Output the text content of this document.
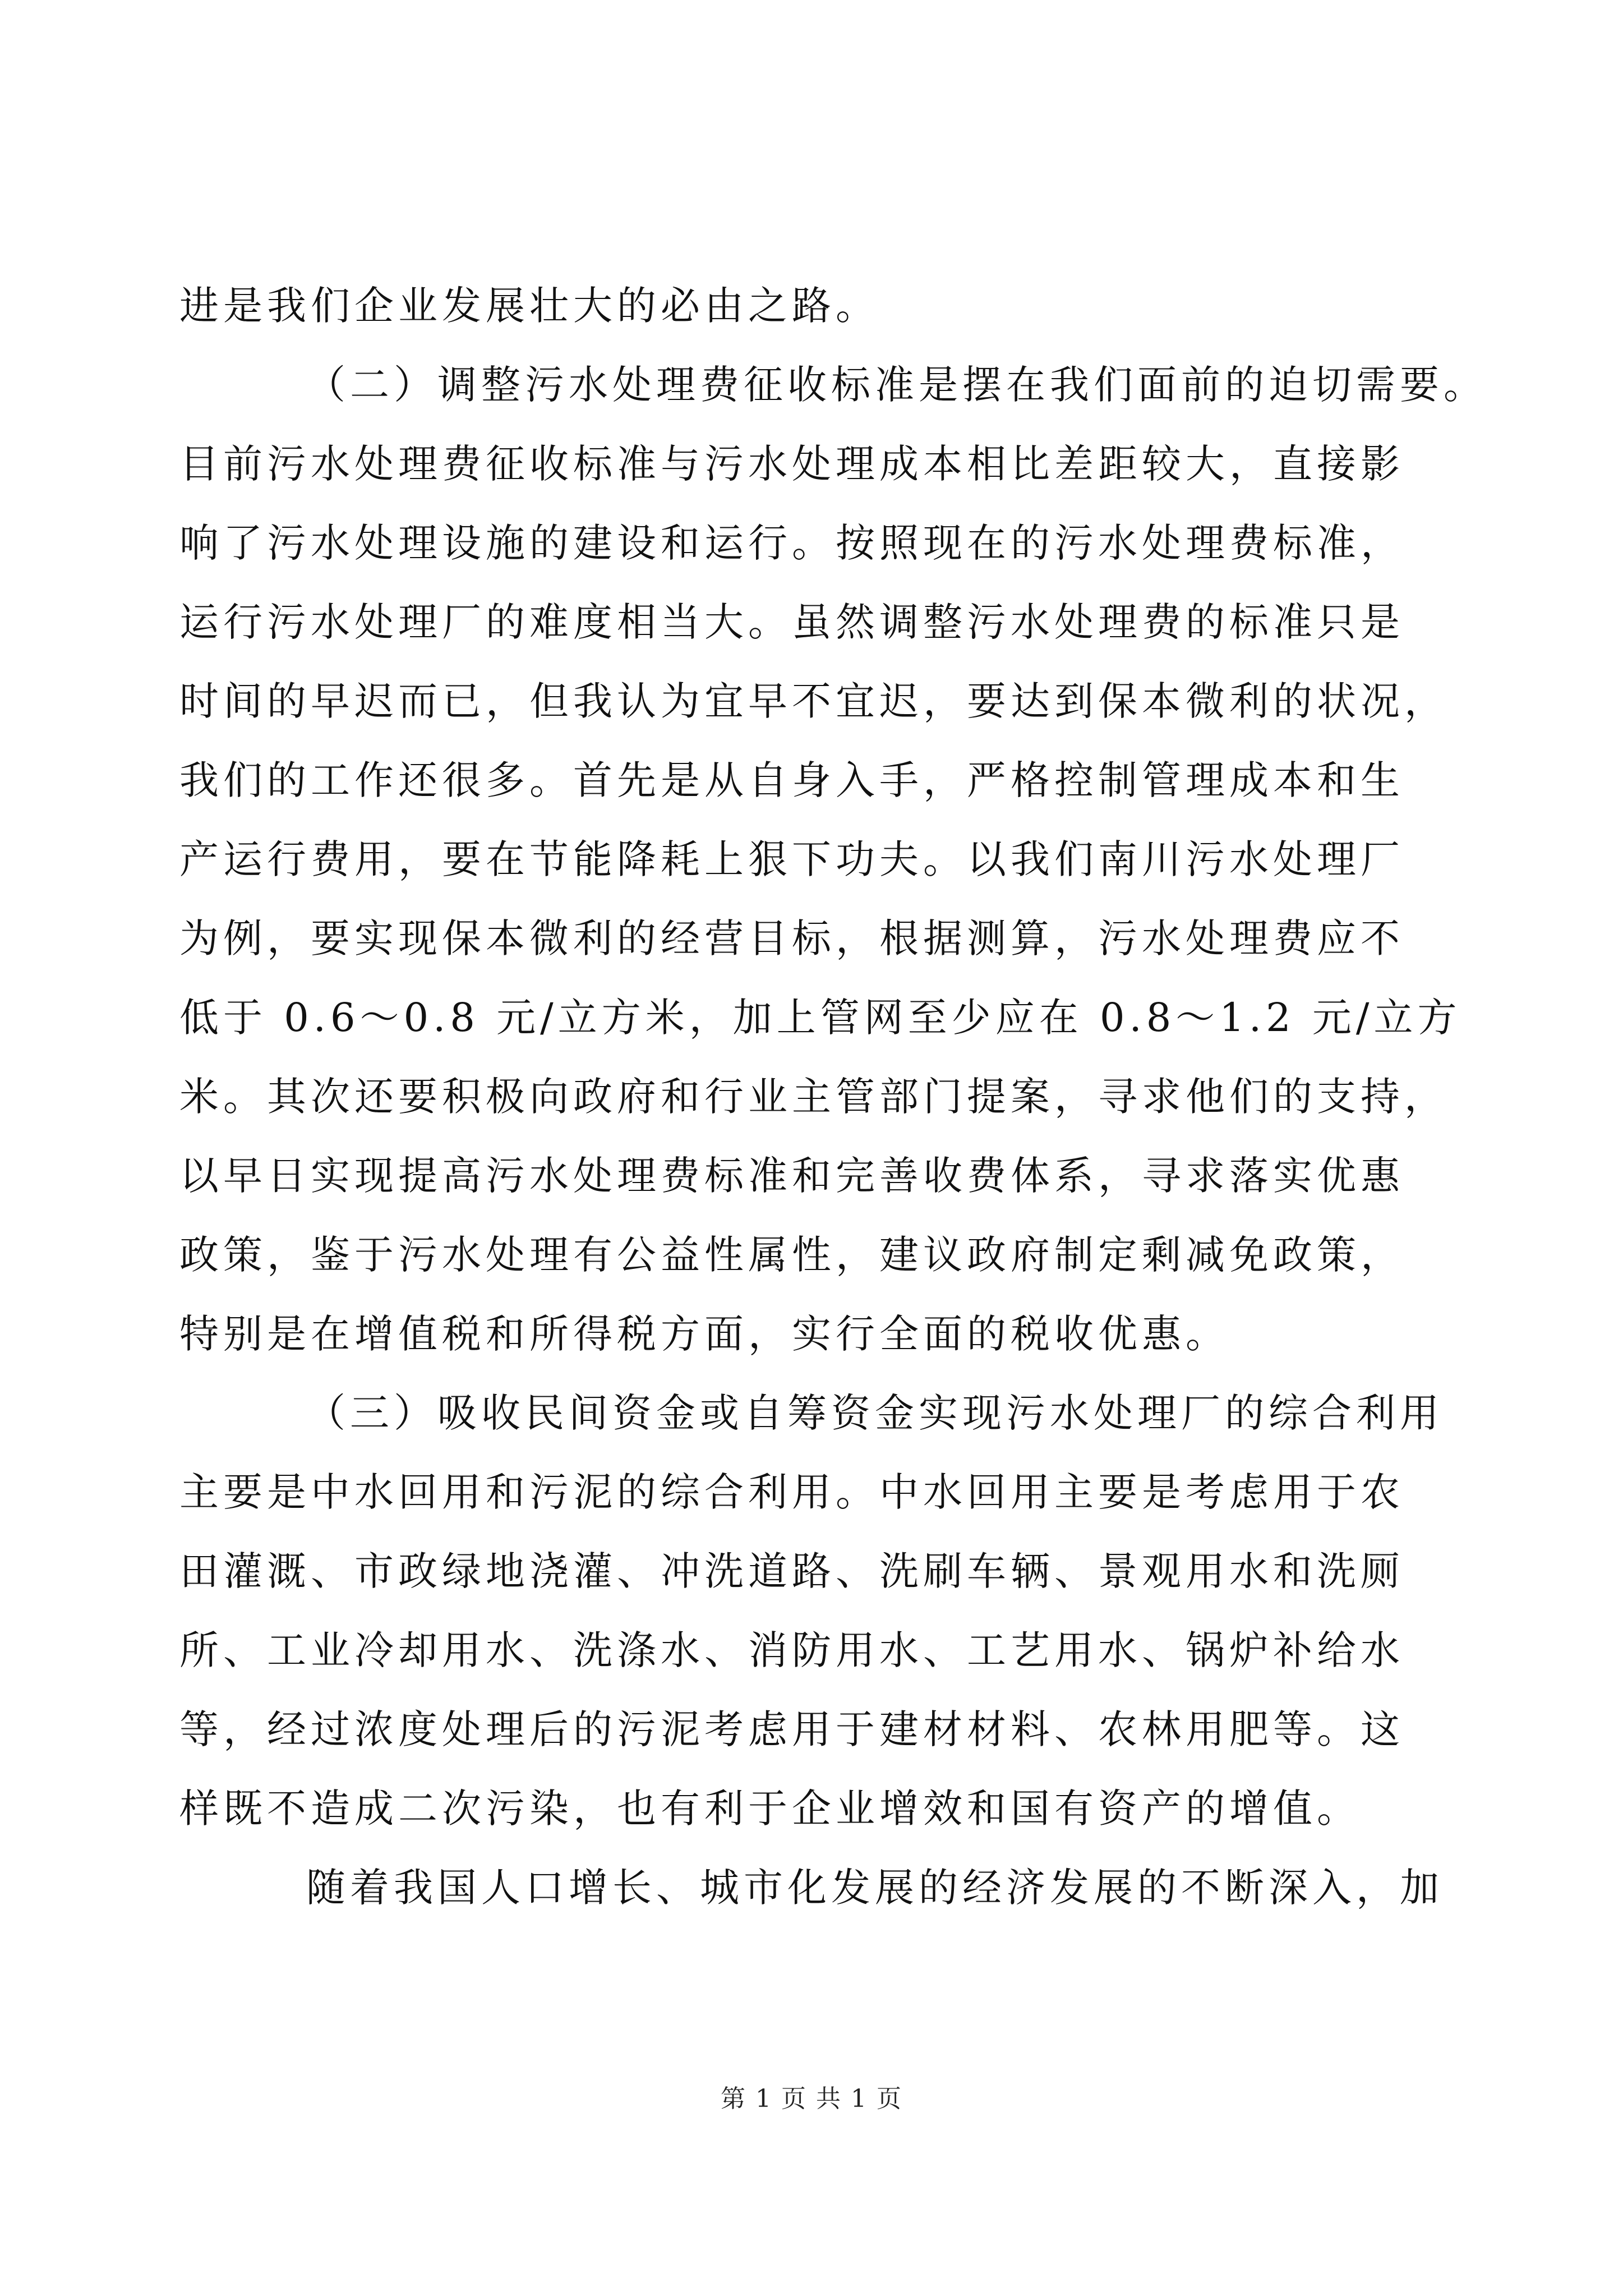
进是我们企业发展壮大的必由之路。
（二）调整污水处理费征收标准是摆在我们面前的迫切需要。
目前污水处理费征收标准与污水处理成本相比差距较大，直接影
响了污水处理设施的建设和运行。按照现在的污水处理费标准，
运行污水处理厂的难度相当大。虽然调整污水处理费的标准只是
时间的早迟而已，但我认为宜早不宜迟，要达到保本微利的状况，
我们的工作还很多。首先是从自身入手，严格控制管理成本和生
产运行费用，要在节能降耗上狠下功夫。以我们南川污水处理厂
为例，要实现保本微利的经营目标，根据测算，污水处理费应不
低于 0.6～0.8 元/立方米，加上管网至少应在 0.8～1.2 元/立方
米。其次还要积极向政府和行业主管部门提案，寻求他们的支持，
以早日实现提高污水处理费标准和完善收费体系，寻求落实优惠
政策，鉴于污水处理有公益性属性，建议政府制定剩减免政策，
特别是在增值税和所得税方面，实行全面的税收优惠。
（三）吸收民间资金或自筹资金实现污水处理厂的综合利用
主要是中水回用和污泥的综合利用。中水回用主要是考虑用于农
田灌溉、市政绿地浇灌、冲洗道路、洗刷车辆、景观用水和洗厕
所、工业冷却用水、洗涤水、消防用水、工艺用水、锅炉补给水
等，经过浓度处理后的污泥考虑用于建材材料、农林用肥等。这
样既不造成二次污染，也有利于企业增效和国有资产的增值。
随着我国人口增长、城市化发展的经济发展的不断深入，加
第 1 页 共 1 页
